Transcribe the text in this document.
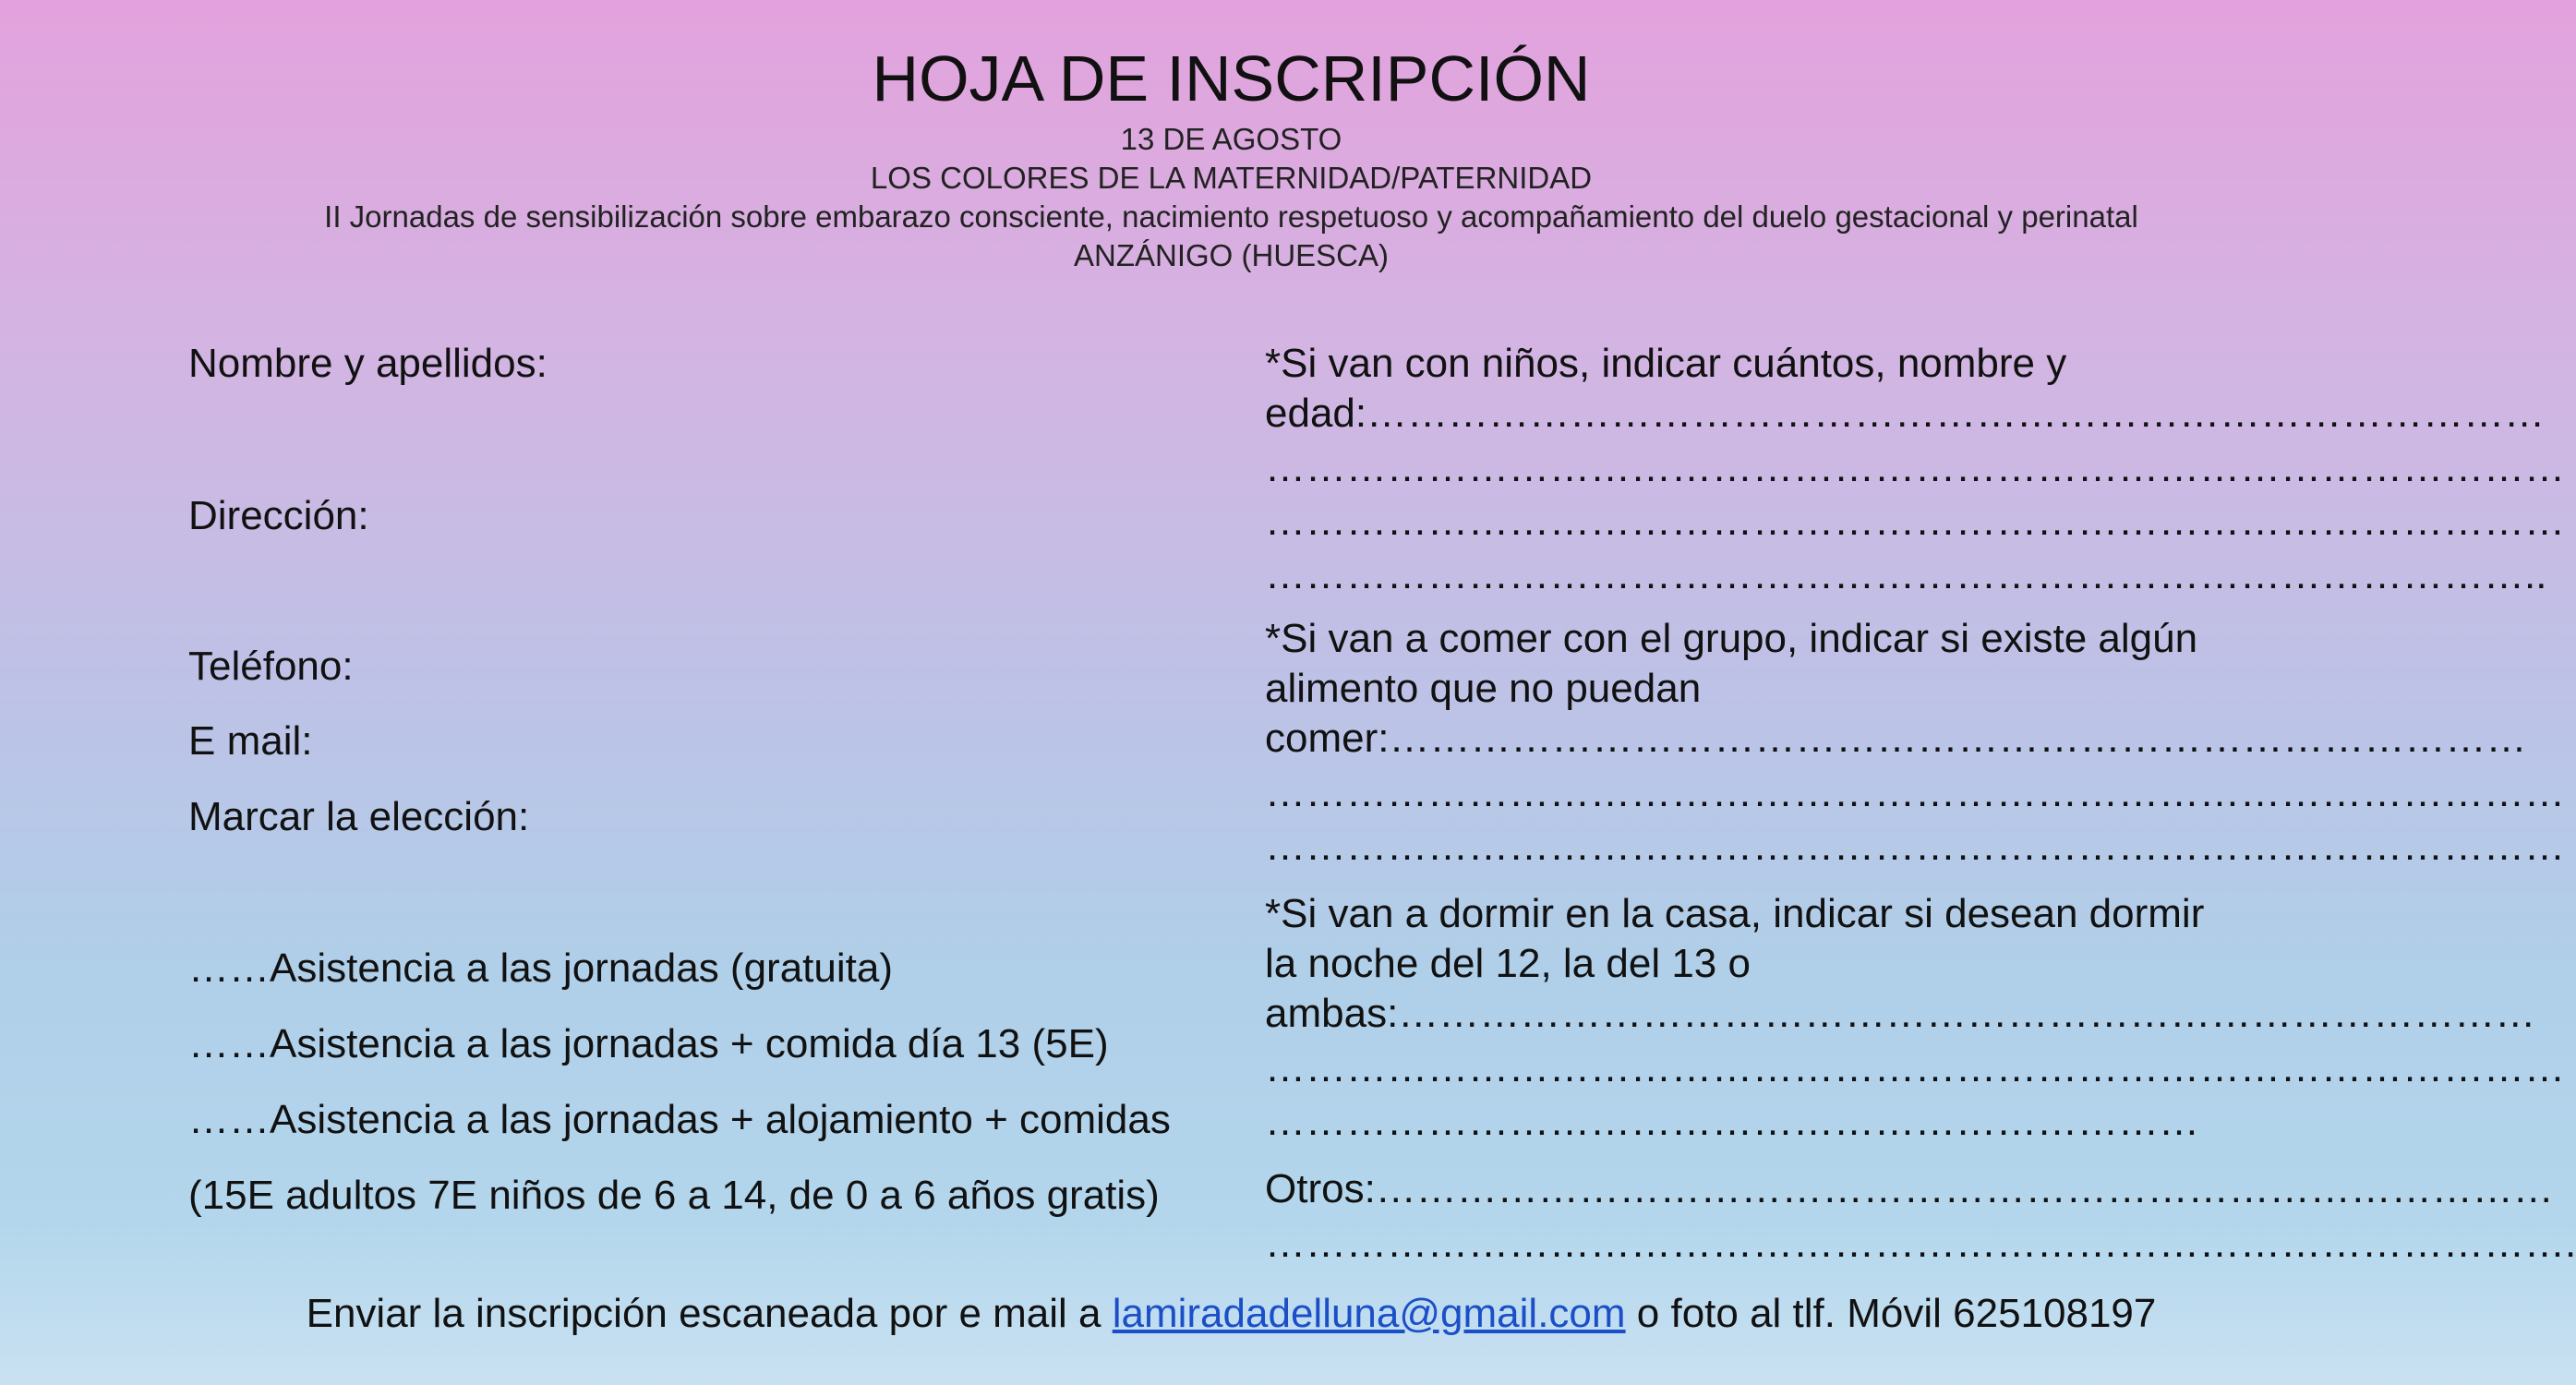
HOJA DE INSCRIPCIÓN
13 DE AGOSTO
LOS COLORES DE LA MATERNIDAD/PATERNIDAD
II Jornadas de sensibilización sobre embarazo consciente, nacimiento respetuoso y acompañamiento del duelo gestacional y perinatal
ANZÁNIGO (HUESCA)
Nombre y apellidos:
Dirección:
Teléfono:
E mail:
Marcar la elección:
……Asistencia a las jornadas (gratuita)
……Asistencia a las jornadas + comida día 13 (5E)
……Asistencia a las jornadas + alojamiento + comidas
(15E adultos 7E niños de 6 a 14, de 0 a 6 años gratis)
*Si van con niños, indicar cuántos, nombre y
edad:……………………………………………………………………………
……………………………………………………………………………………
……………………………………………………………………………………
…………………………………………………………………………………..
*Si van a comer con el grupo, indicar si existe algún
alimento que no puedan
comer:…………………………………………………………………………
……………………………………………………………………………………
……………………………………………………………………………………
*Si van a dormir en la casa, indicar si desean dormir
la noche del 12, la del 13 o
ambas:…………………………………………………………………………
……………………………………………………………………………………
……………………………………………………………
Otros:……………………………………………………………………………
…………………………………………………………………………………….
Enviar la inscripción escaneada por e mail a lamiradadelluna@gmail.com o foto al tlf. Móvil 625108197
